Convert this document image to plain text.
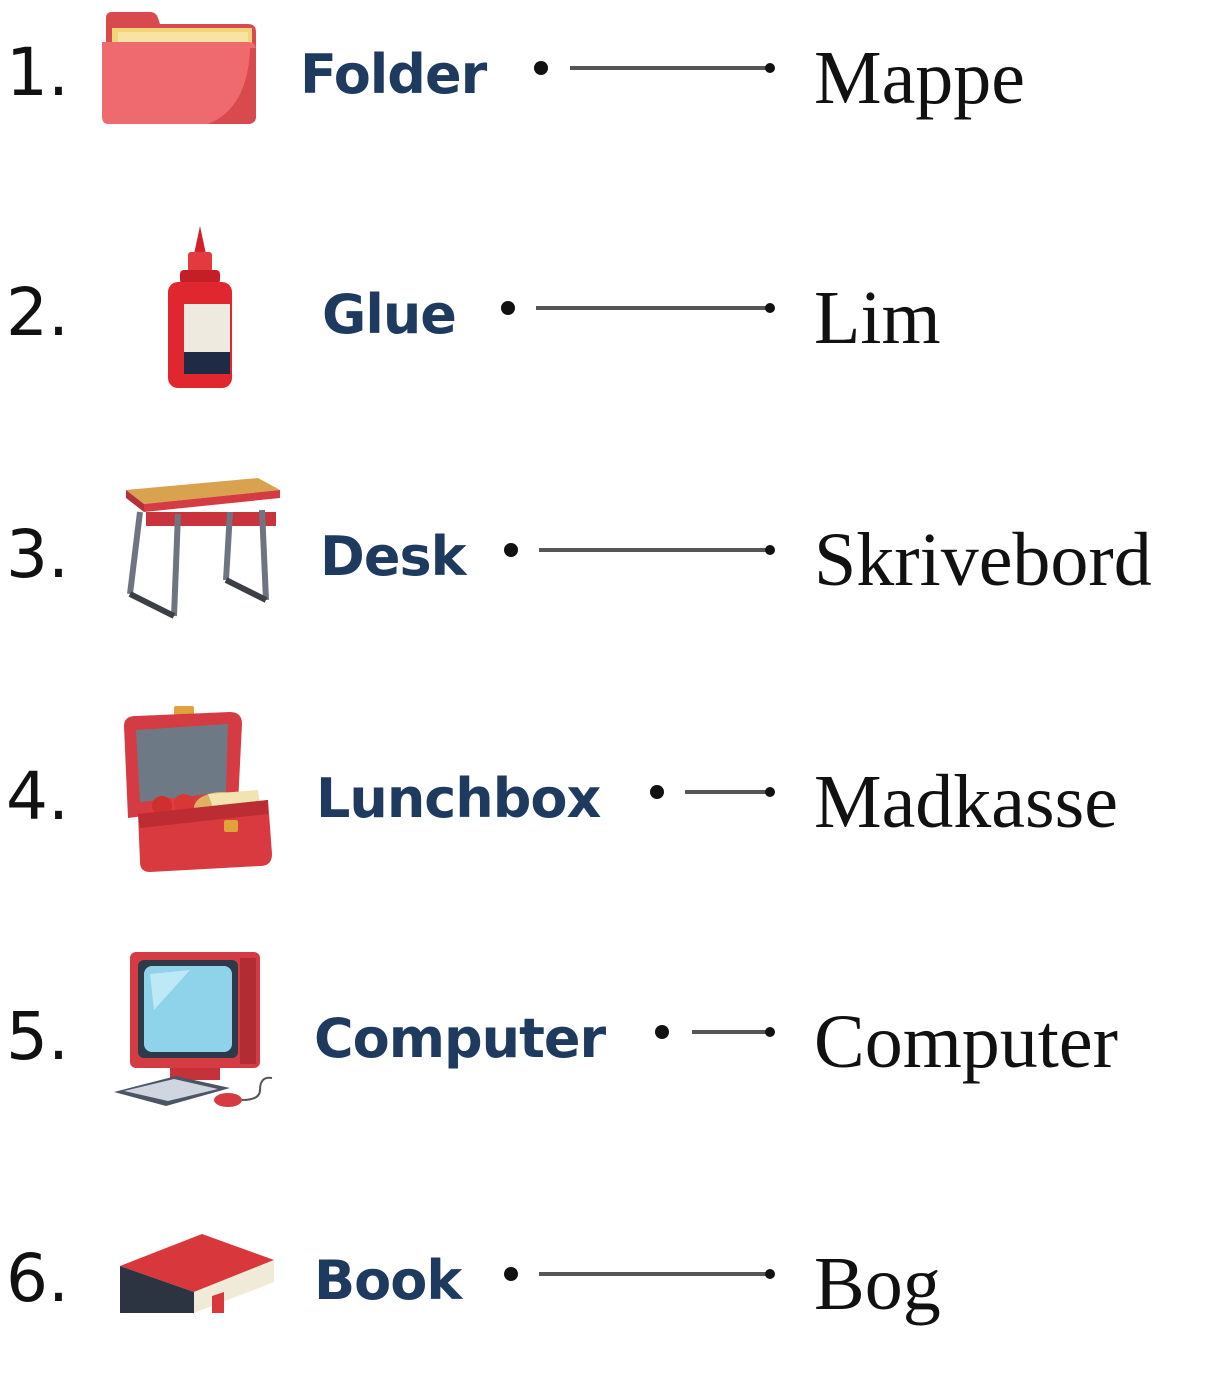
1.	Folder	Mappe
2.	Glue	Lim
3.	Desk	Skrivebord
4.	Lunchbox	Madkasse
5.	Computer	Computer
6.	Book	Bog
